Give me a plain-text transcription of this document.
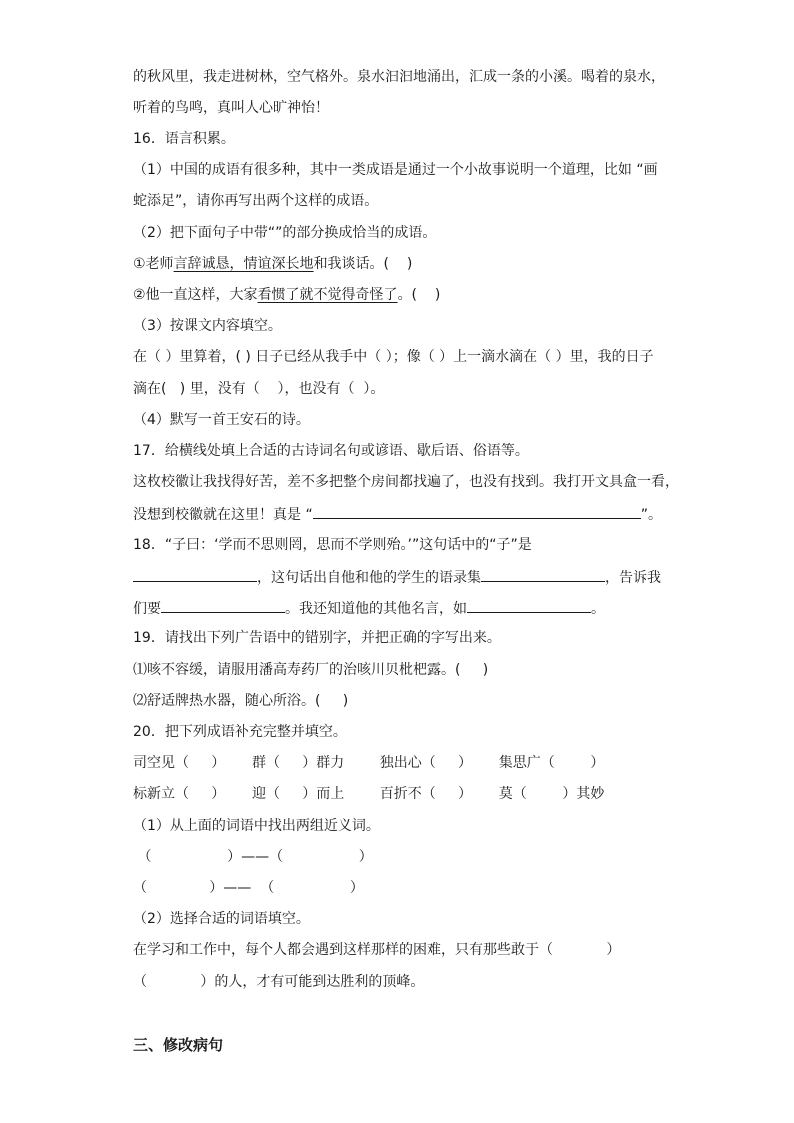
的秋风里，我走进树林，空气格外。泉水汩汩地涌出，汇成一条的小溪。喝着的泉水，
听着的鸟鸣，真叫人心旷神怡！
16．语言积累。
（1）中国的成语有很多种，其中一类成语是通过一个小故事说明一个道理，比如 “画
蛇添足”，请你再写出两个这样的成语。
（2）把下面句子中带“”的部分换成恰当的成语。
①老师言辞诚恳，情谊深长地和我谈话。(    )
②他一直这样，大家看惯了就不觉得奇怪了。(    )
（3）按课文内容填空。
在（ ）里算着，( ) 日子已经从我手中（ ）；像（ ）上一滴水滴在（ ）里，我的日子
滴在(   ) 里，没有（    ），也没有（  ）。
（4）默写一首王安石的诗。
17．给横线处填上合适的古诗词名句或谚语、歇后语、俗语等。
这枚校徽让我找得好苦，差不多把整个房间都找遍了，也没有找到。我打开文具盒一看，
没想到校徽就在这里！真是 “	”。
18．“子曰：‘学而不思则罔，思而不学则殆。’”这句话中的“子”是
，这句话出自他和他的学生的语录集	，告诉我
们要	。我还知道他的其他名言，如	。
19．请找出下列广告语中的错别字，并把正确的字写出来。
⑴咳不容缓，请服用潘高寿药厂的治咳川贝枇杷露。(     )
⑵舒适牌热水器，随心所浴。(     )
20．把下列成语补充完整并填空。
司空见（     ）      群（     ）群力        独出心（     ）      集思广（        ）
标新立（     ）      迎（     ）而上        百折不（     ）      莫（        ）其妙
（1）从上面的词语中找出两组近义词。
（                 ）——（                 ）
（              ）——  （                 ）
（2）选择合适的词语填空。
在学习和工作中，每个人都会遇到这样那样的困难，只有那些敢于（            ）
（            ）的人，才有可能到达胜利的顶峰。
三、修改病句
